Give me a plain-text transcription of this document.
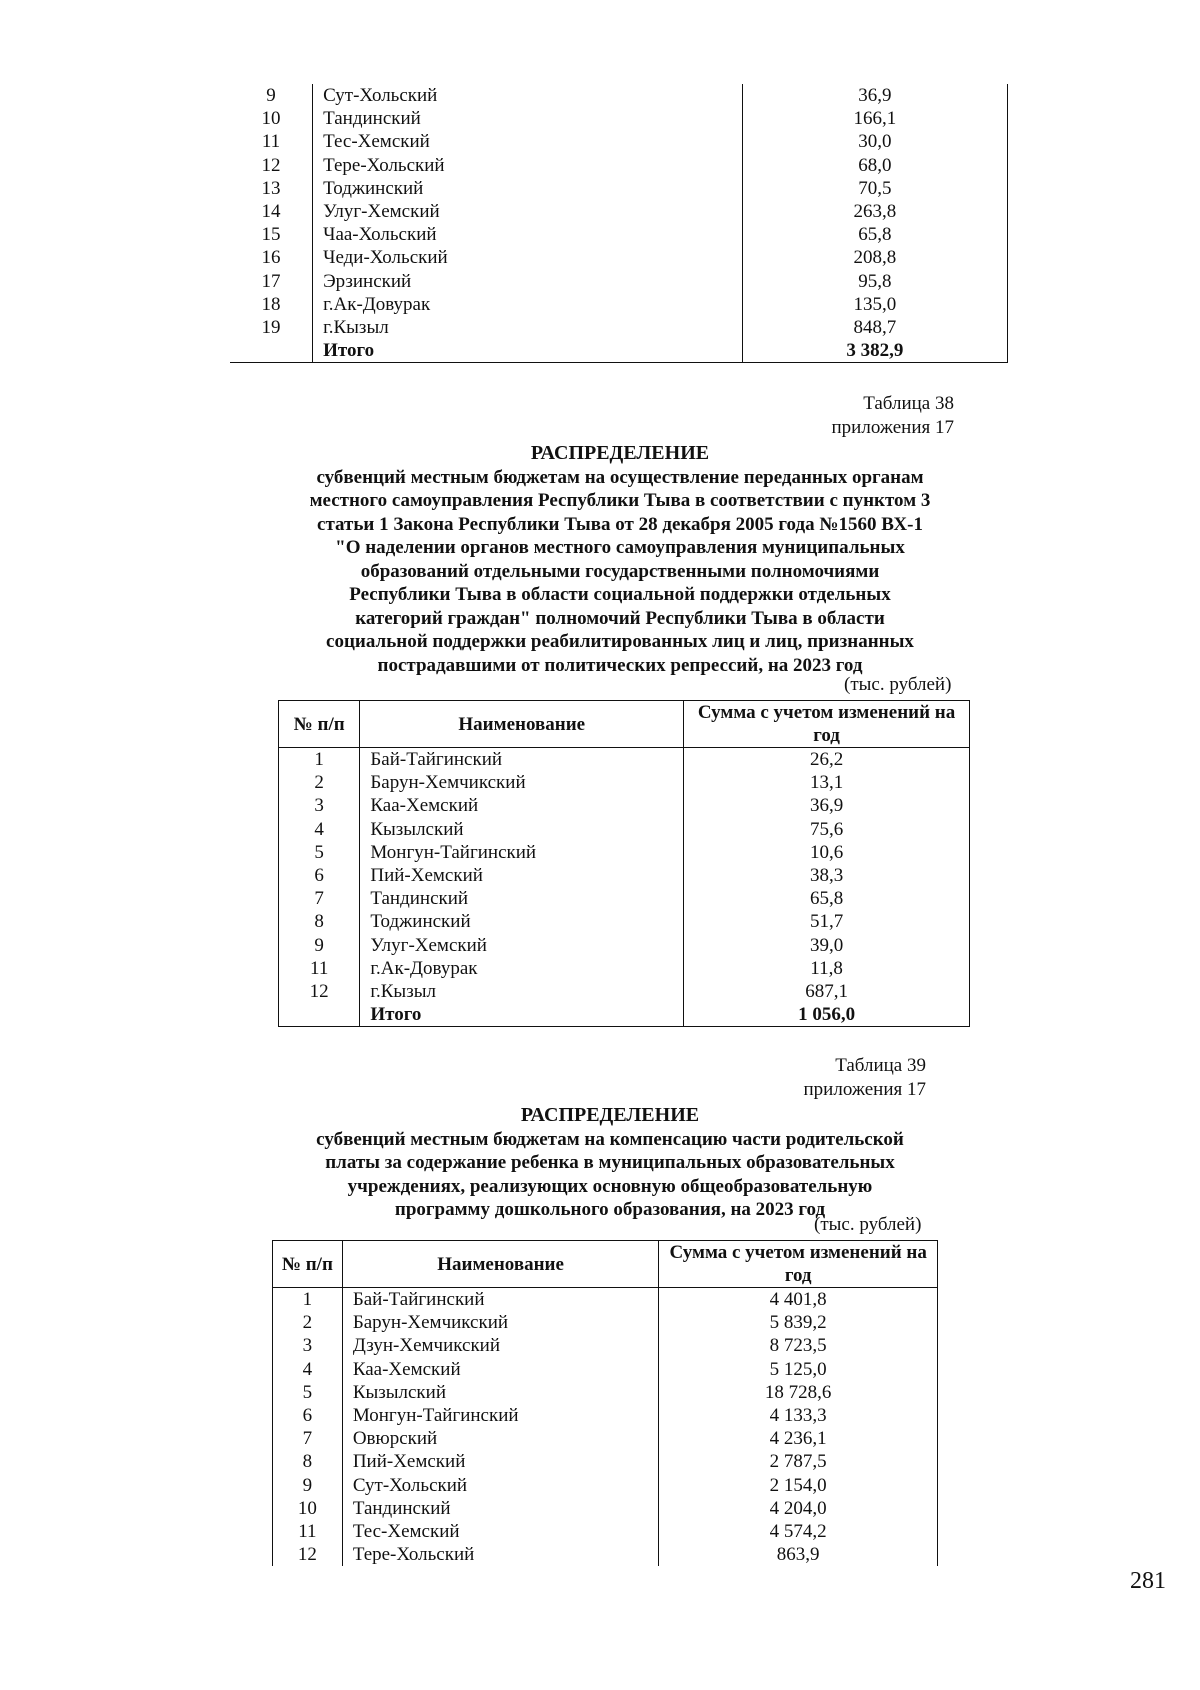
9	Сут-Хольский	36,9
10	Тандинский	166,1
11	Тес-Хемский	30,0
12	Тере-Хольский	68,0
13	Тоджинский	70,5
14	Улуг-Хемский	263,8
15	Чаа-Хольский	65,8
16	Чеди-Хольский	208,8
17	Эрзинский	95,8
18	г.Ак-Довурак	135,0
19	г.Кызыл	848,7
	Итого	3 382,9
Таблица 38
приложения 17
РАСПРЕДЕЛЕНИЕ
субвенций местным бюджетам на осуществление переданных органам
местного самоуправления Республики Тыва в соответствии с пунктом 3
статьи 1 Закона Республики Тыва от 28 декабря 2005 года №1560 ВХ-1
"О наделении органов местного самоуправления муниципальных
образований отдельными государственными полномочиями
Республики Тыва в области социальной поддержки отдельных
категорий граждан" полномочий Республики Тыва в области
социальной поддержки реабилитированных лиц и лиц, признанных
пострадавшими от политических репрессий, на 2023 год
(тыс. рублей)
№ п/п	Наименование	Сумма с учетом изменений на год
1	Бай-Тайгинский	26,2
2	Барун-Хемчикский	13,1
3	Каа-Хемский	36,9
4	Кызылский	75,6
5	Монгун-Тайгинский	10,6
6	Пий-Хемский	38,3
7	Тандинский	65,8
8	Тоджинский	51,7
9	Улуг-Хемский	39,0
11	г.Ак-Довурак	11,8
12	г.Кызыл	687,1
	Итого	1 056,0
Таблица 39
приложения 17
РАСПРЕДЕЛЕНИЕ
субвенций местным бюджетам на компенсацию части родительской
платы за содержание ребенка в муниципальных образовательных
учреждениях, реализующих основную общеобразовательную
программу дошкольного образования, на 2023 год
(тыс. рублей)
№ п/п	Наименование	Сумма с учетом изменений на год
1	Бай-Тайгинский	4 401,8
2	Барун-Хемчикский	5 839,2
3	Дзун-Хемчикский	8 723,5
4	Каа-Хемский	5 125,0
5	Кызылский	18 728,6
6	Монгун-Тайгинский	4 133,3
7	Овюрский	4 236,1
8	Пий-Хемский	2 787,5
9	Сут-Хольский	2 154,0
10	Тандинский	4 204,0
11	Тес-Хемский	4 574,2
12	Тере-Хольский	863,9
281
